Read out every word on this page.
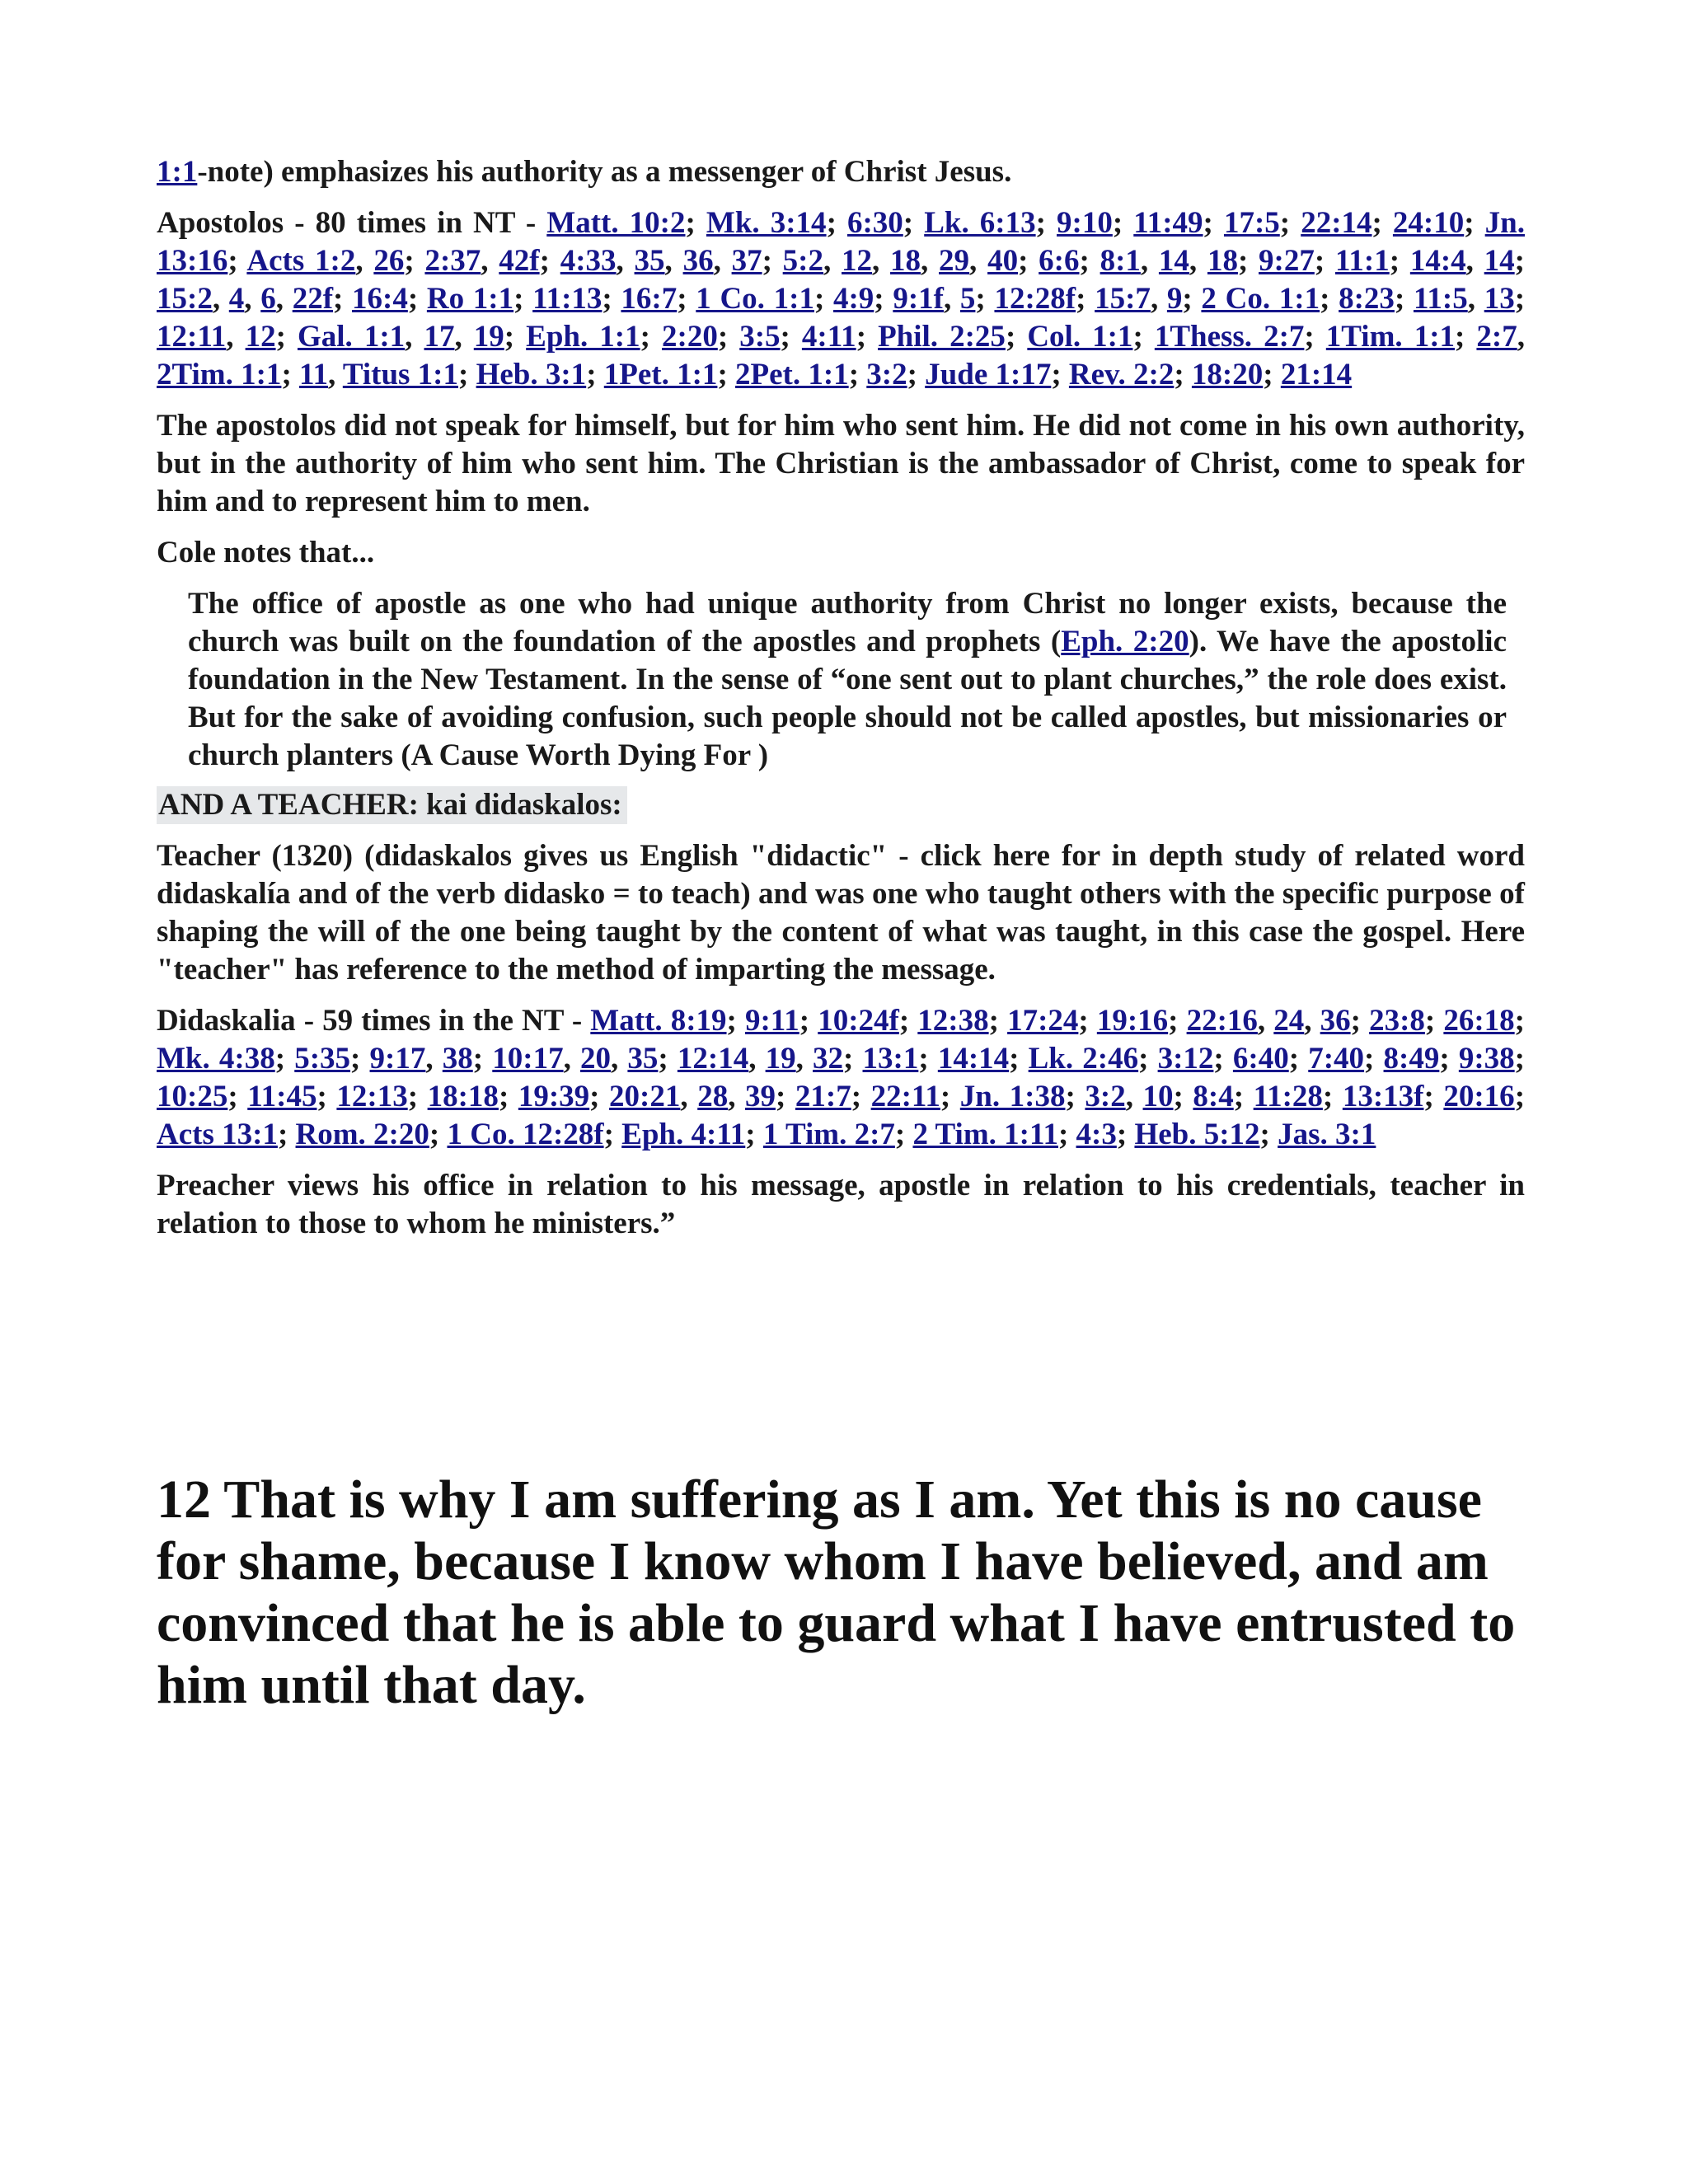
1:1-note) emphasizes his authority as a messenger of Christ Jesus.

Apostolos - 80 times in NT - Matt. 10:2; Mk. 3:14; 6:30; Lk. 6:13; 9:10; 11:49; 17:5; 22:14; 24:10; Jn. 13:16; Acts 1:2, 26; 2:37, 42f; 4:33, 35, 36, 37; 5:2, 12, 18, 29, 40; 6:6; 8:1, 14, 18; 9:27; 11:1; 14:4, 14; 15:2, 4, 6, 22f; 16:4; Ro 1:1; 11:13; 16:7; 1 Co. 1:1; 4:9; 9:1f, 5; 12:28f; 15:7, 9; 2 Co. 1:1; 8:23; 11:5, 13; 12:11, 12; Gal. 1:1, 17, 19; Eph. 1:1; 2:20; 3:5; 4:11; Phil. 2:25; Col. 1:1; 1Thess. 2:7; 1Tim. 1:1; 2:7, 2Tim. 1:1; 11, Titus 1:1; Heb. 3:1; 1Pet. 1:1; 2Pet. 1:1; 3:2; Jude 1:17; Rev. 2:2; 18:20; 21:14

The apostolos did not speak for himself, but for him who sent him. He did not come in his own authority, but in the authority of him who sent him. The Christian is the ambassador of Christ, come to speak for him and to represent him to men.

Cole notes that...

The office of apostle as one who had unique authority from Christ no longer exists, because the church was built on the foundation of the apostles and prophets (Eph. 2:20). We have the apostolic foundation in the New Testament. In the sense of “one sent out to plant churches,” the role does exist. But for the sake of avoiding confusion, such people should not be called apostles, but missionaries or church planters (A Cause Worth Dying For )

AND A TEACHER: kai didaskalos:

Teacher (1320) (didaskalos gives us English "didactic" - click here for in depth study of related word didaskalía and of the verb didasko = to teach) and was one who taught others with the specific purpose of shaping the will of the one being taught by the content of what was taught, in this case the gospel. Here "teacher" has reference to the method of imparting the message.

Didaskalia - 59 times in the NT - Matt. 8:19; 9:11; 10:24f; 12:38; 17:24; 19:16; 22:16, 24, 36; 23:8; 26:18; Mk. 4:38; 5:35; 9:17, 38; 10:17, 20, 35; 12:14, 19, 32; 13:1; 14:14; Lk. 2:46; 3:12; 6:40; 7:40; 8:49; 9:38; 10:25; 11:45; 12:13; 18:18; 19:39; 20:21, 28, 39; 21:7; 22:11; Jn. 1:38; 3:2, 10; 8:4; 11:28; 13:13f; 20:16; Acts 13:1; Rom. 2:20; 1 Co. 12:28f; Eph. 4:11; 1 Tim. 2:7; 2 Tim. 1:11; 4:3; Heb. 5:12; Jas. 3:1

Preacher views his office in relation to his message, apostle in relation to his credentials, teacher in relation to those to whom he ministers.”

12 That is why I am suffering as I am. Yet this is no cause for shame, because I know whom I have believed, and am convinced that he is able to guard what I have entrusted to him until that day.
